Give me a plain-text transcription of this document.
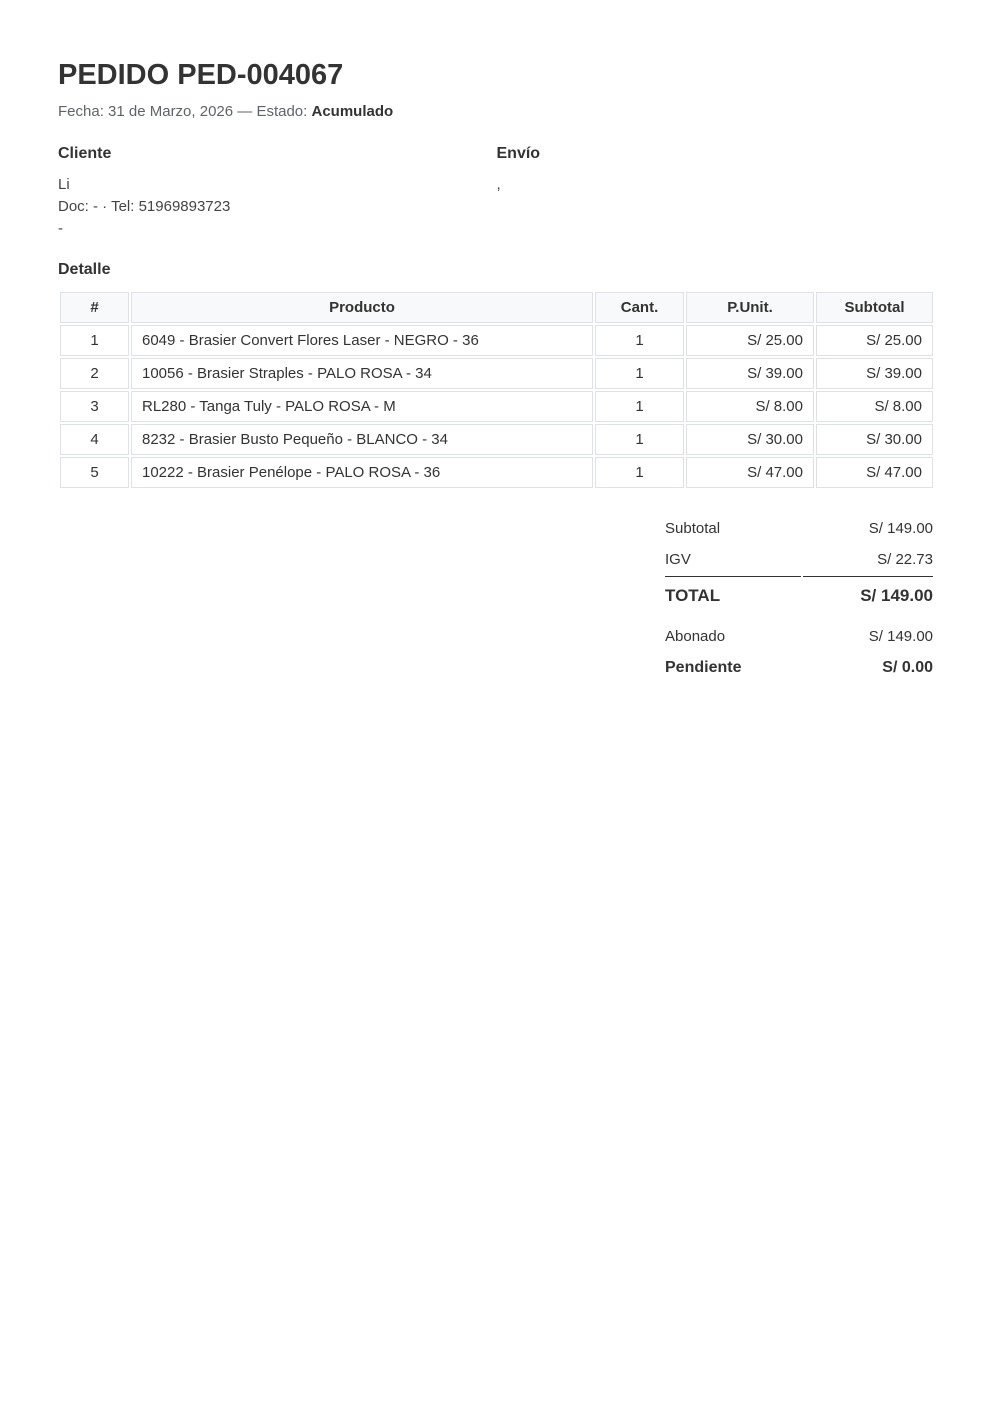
PEDIDO PED-004067

Fecha: 31 de Marzo, 2026 — Estado: Acumulado

Cliente

Li

Doc: - · Tel: 51969893723

-

Envío

,

Detalle
#	Producto	Cant.	P.Unit.	Subtotal
1	6049 - Brasier Convert Flores Laser - NEGRO - 36	1	S/ 25.00	S/ 25.00
2	10056 - Brasier Straples - PALO ROSA - 34	1	S/ 39.00	S/ 39.00
3	RL280 - Tanga Tuly - PALO ROSA - M	1	S/ 8.00	S/ 8.00
4	8232 - Brasier Busto Pequeño - BLANCO - 34	1	S/ 30.00	S/ 30.00
5	10222 - Brasier Penélope - PALO ROSA - 36	1	S/ 47.00	S/ 47.00
Subtotal	S/ 149.00
IGV	S/ 22.73
TOTAL	S/ 149.00
Abonado	S/ 149.00
Pendiente	S/ 0.00
